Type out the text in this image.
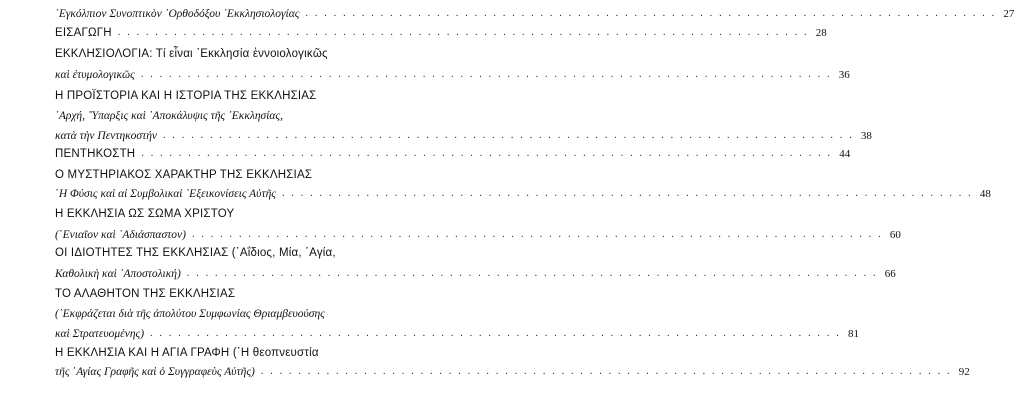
᾿Εγκόλπιον Συνοπτικὸν ᾿Ορθοδόξου ᾿Εκκλησιολογίας . . .	27
ΕΙΣΑΓΩΓΗ . . .	28
ΕΚΚΛΗΣΙΟΛΟΓΙΑ: Τί εἶναι ᾿Εκκλησία ἐννοιολογικῶς
καὶ ἐτυμολογικῶς . . .	36
Η ΠΡΟΪΣΤΟΡΙΑ ΚΑΙ Η ΙΣΤΟΡΙΑ ΤΗΣ ΕΚΚΛΗΣΙΑΣ
᾿Αρχή, ῞Υπαρξις καὶ ᾿Αποκάλυψις τῆς ᾿Εκκλησίας,
κατὰ τὴν Πεντηκοστήν . . .	38
ΠΕΝΤΗΚΟΣΤΗ . . .	44
Ο ΜΥΣΤΗΡΙΑΚΟΣ ΧΑΡΑΚΤΗΡ ΤΗΣ ΕΚΚΛΗΣΙΑΣ
῾Η Φύσις καὶ αἱ Συμβολικαὶ ᾿Εξεικονίσεις Αὐτῆς . . .	48
Η ΕΚΚΛΗΣΙΑ ΩΣ ΣΩΜΑ ΧΡΙΣΤΟΥ
(῾Ενιαῖον καὶ ᾿Αδιάσπαστον) . . .	60
ΟΙ ΙΔΙΟΤΗΤΕΣ ΤΗΣ ΕΚΚΛΗΣΙΑΣ (᾿Αΐδιος, Μία, ῾Αγία,
Καθολικὴ καὶ ᾿Αποστολική) . . .	66
ΤΟ ΑΛΑΘΗΤΟΝ ΤΗΣ ΕΚΚΛΗΣΙΑΣ
(᾿Εκφράζεται διὰ τῆς ἀπολύτου Συμφωνίας Θριαμβευούσης
καὶ Στρατευομένης) . . .	81
Η ΕΚΚΛΗΣΙΑ ΚΑΙ Η ΑΓΙΑ ΓΡΑΦΗ (῾Η θεοπνευστία
τῆς ῾Αγίας Γραφῆς καὶ ὁ Συγγραφεὺς Αὐτῆς) . . .	92
